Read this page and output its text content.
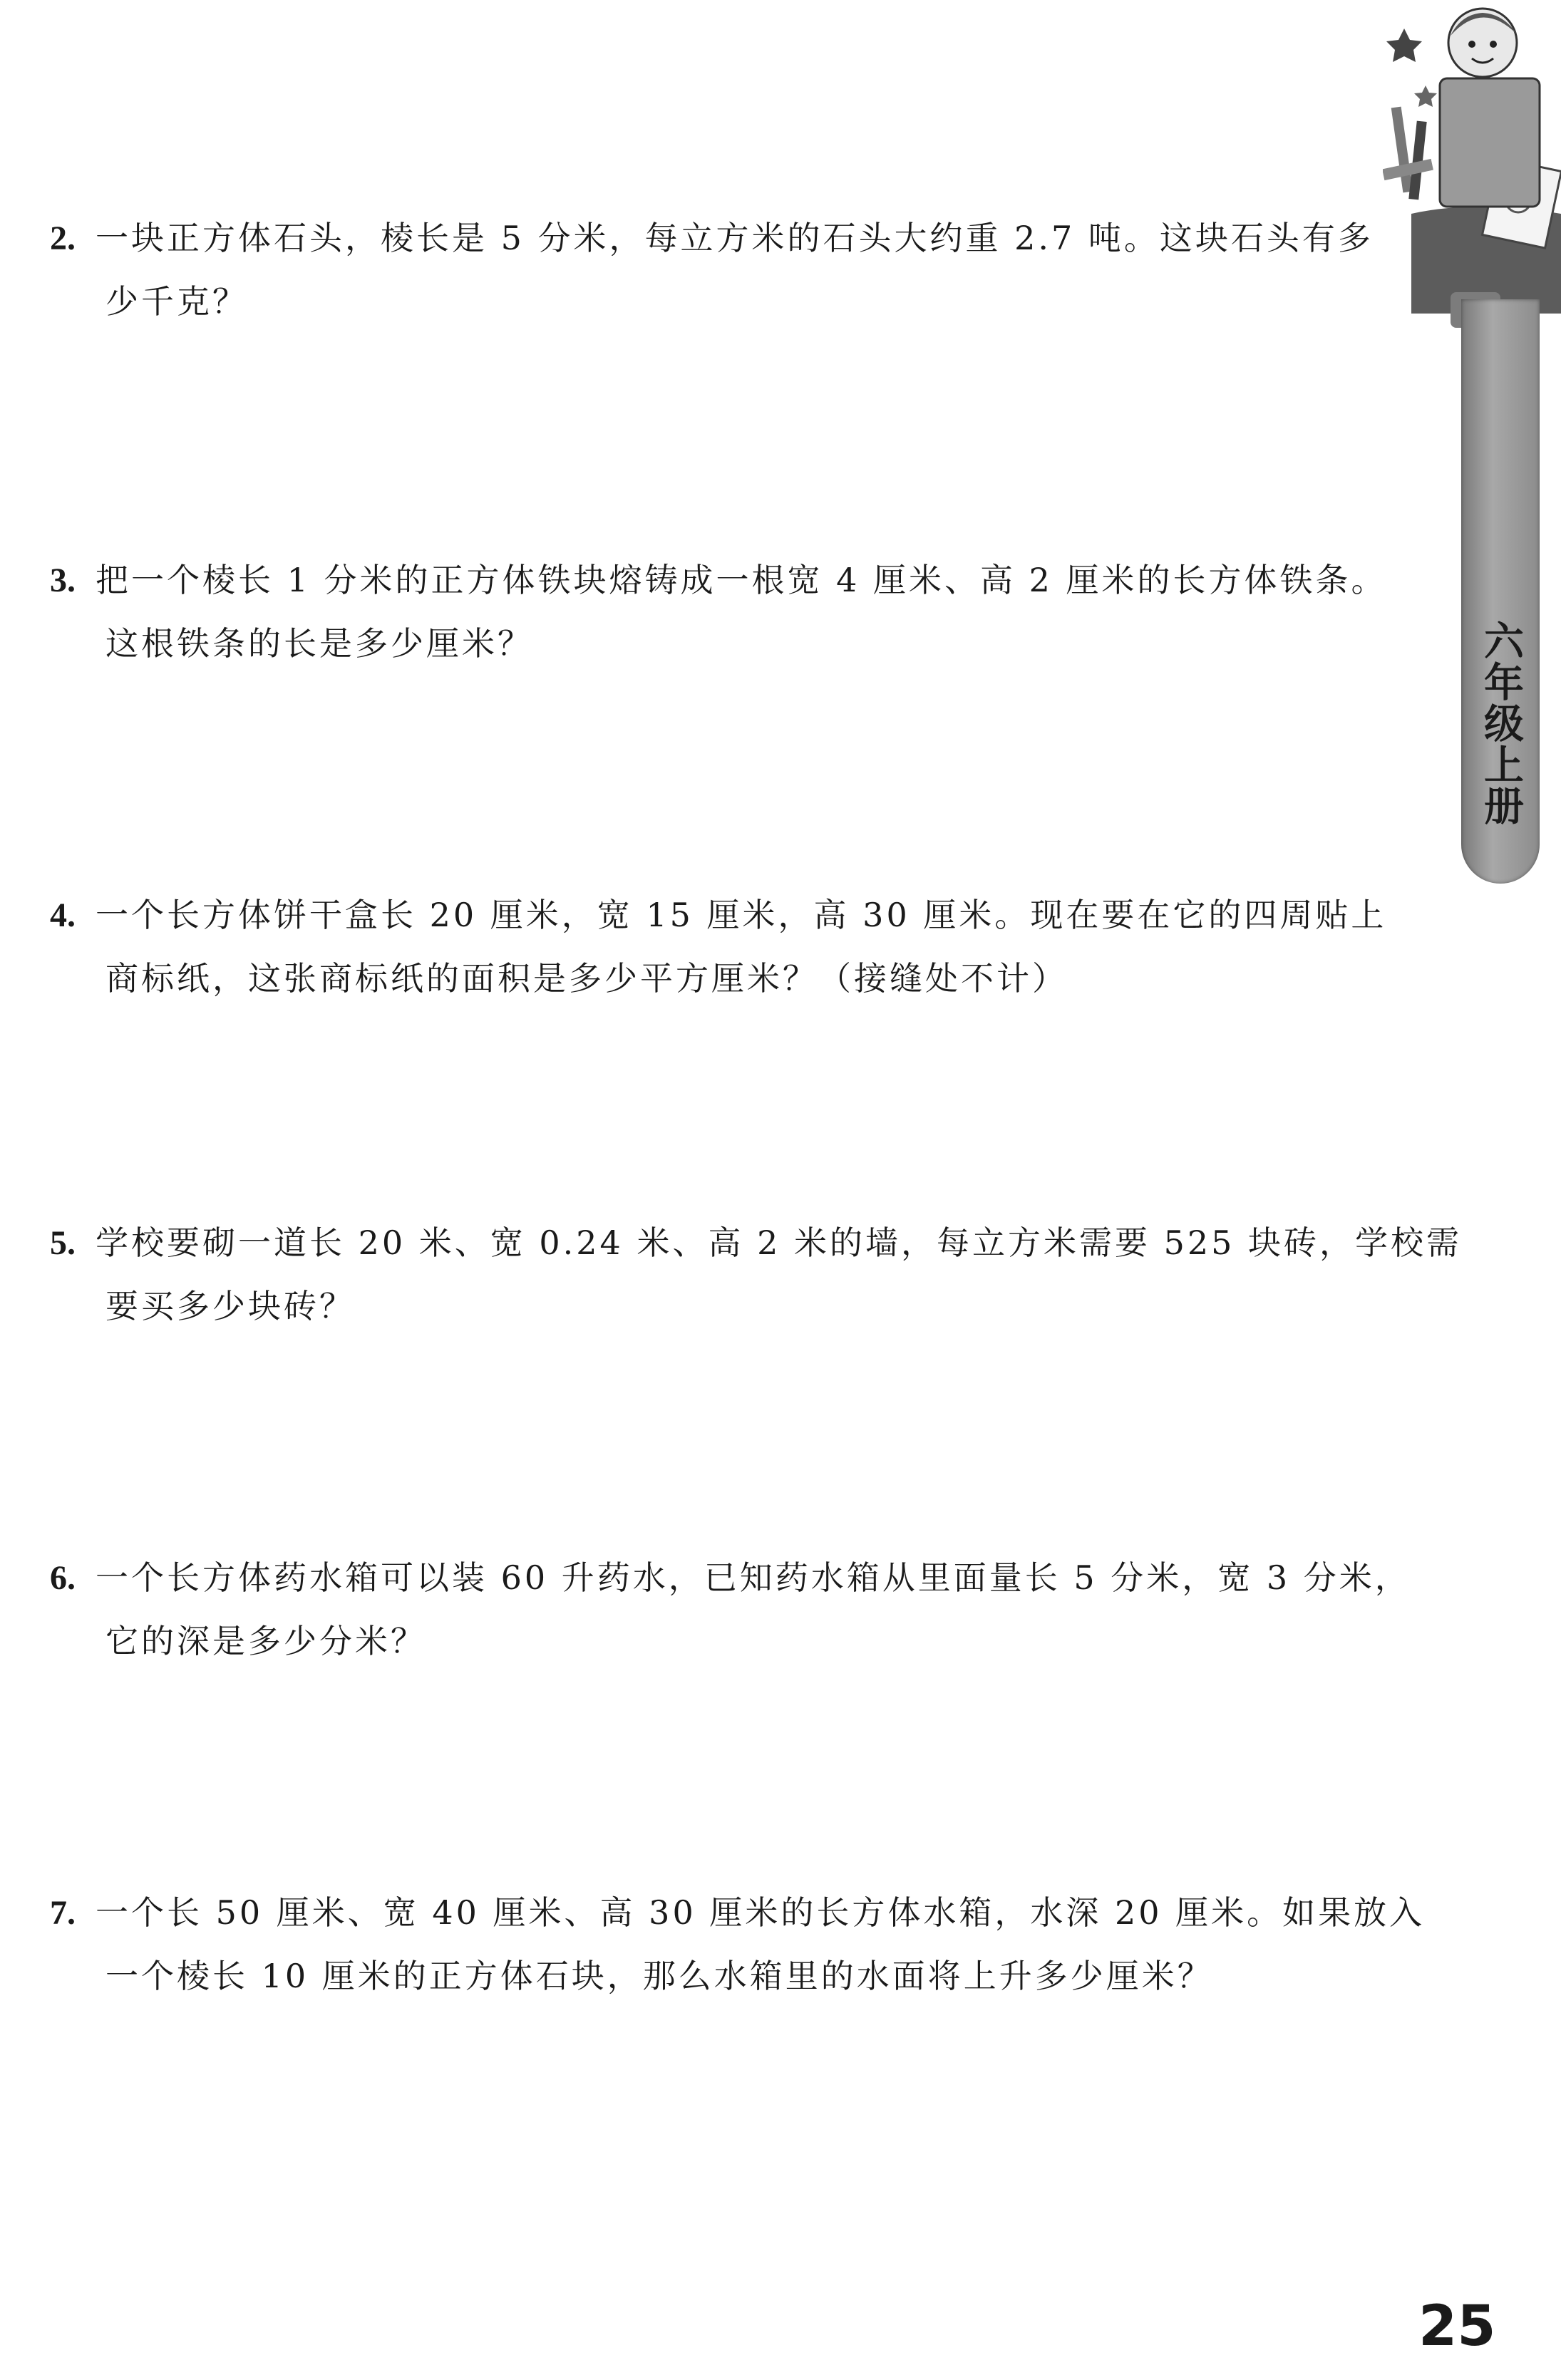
六年级上册
2. 一块正方体石头，棱长是 5 分米，每立方米的石头大约重 2.7 吨。这块石头有多
少千克？
3. 把一个棱长 1 分米的正方体铁块熔铸成一根宽 4 厘米、高 2 厘米的长方体铁条。
这根铁条的长是多少厘米？
4. 一个长方体饼干盒长 20 厘米，宽 15 厘米，高 30 厘米。现在要在它的四周贴上
商标纸，这张商标纸的面积是多少平方厘米？（接缝处不计）
5. 学校要砌一道长 20 米、宽 0.24 米、高 2 米的墙，每立方米需要 525 块砖，学校需
要买多少块砖？
6. 一个长方体药水箱可以装 60 升药水，已知药水箱从里面量长 5 分米，宽 3 分米，
它的深是多少分米？
7. 一个长 50 厘米、宽 40 厘米、高 30 厘米的长方体水箱，水深 20 厘米。如果放入
一个棱长 10 厘米的正方体石块，那么水箱里的水面将上升多少厘米？
25
